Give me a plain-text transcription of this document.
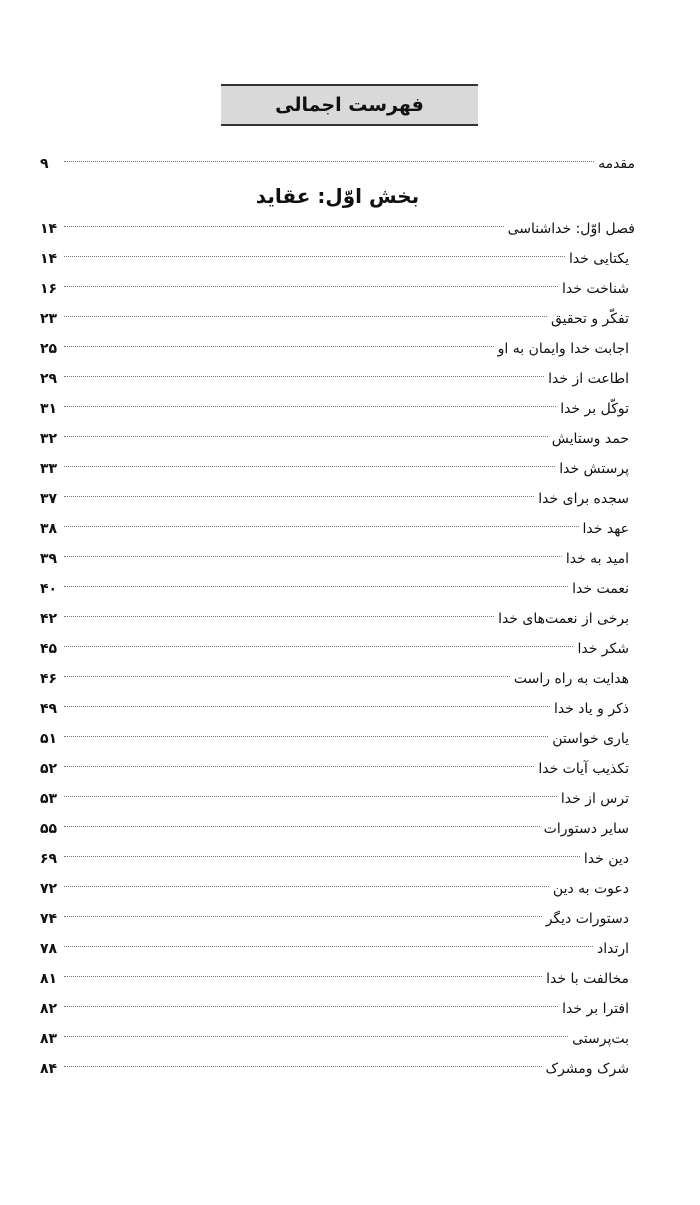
فهرست اجمالی
مقدمه
۹
بخش اوّل: عقاید
فصل اوّل: خداشناسی
۱۴
یکتایی خدا
۱۴
شناخت خدا
۱۶
تفکّر و تحقیق
۲۳
اجابت خدا وایمان به او
۲۵
اطاعت از خدا
۲۹
توکّل بر خدا
۳۱
حمد وستایش
۳۲
پرستش خدا
۳۳
سجده برای خدا
۳۷
عهد خدا
۳۸
امید به خدا
۳۹
نعمت خدا
۴۰
برخی از نعمت‌های خدا
۴۲
شکر خدا
۴۵
هدایت به راه راست
۴۶
ذکر و یاد خدا
۴۹
یاری خواستن
۵۱
تکذیب آیات خدا
۵۲
ترس از خدا
۵۳
سایر دستورات
۵۵
دین خدا
۶۹
دعوت به دین
۷۲
دستورات دیگر
۷۴
ارتداد
۷۸
مخالفت با خدا
۸۱
افترا بر خدا
۸۲
بت‌پرستی
۸۳
شرک ومشرک
۸۴
